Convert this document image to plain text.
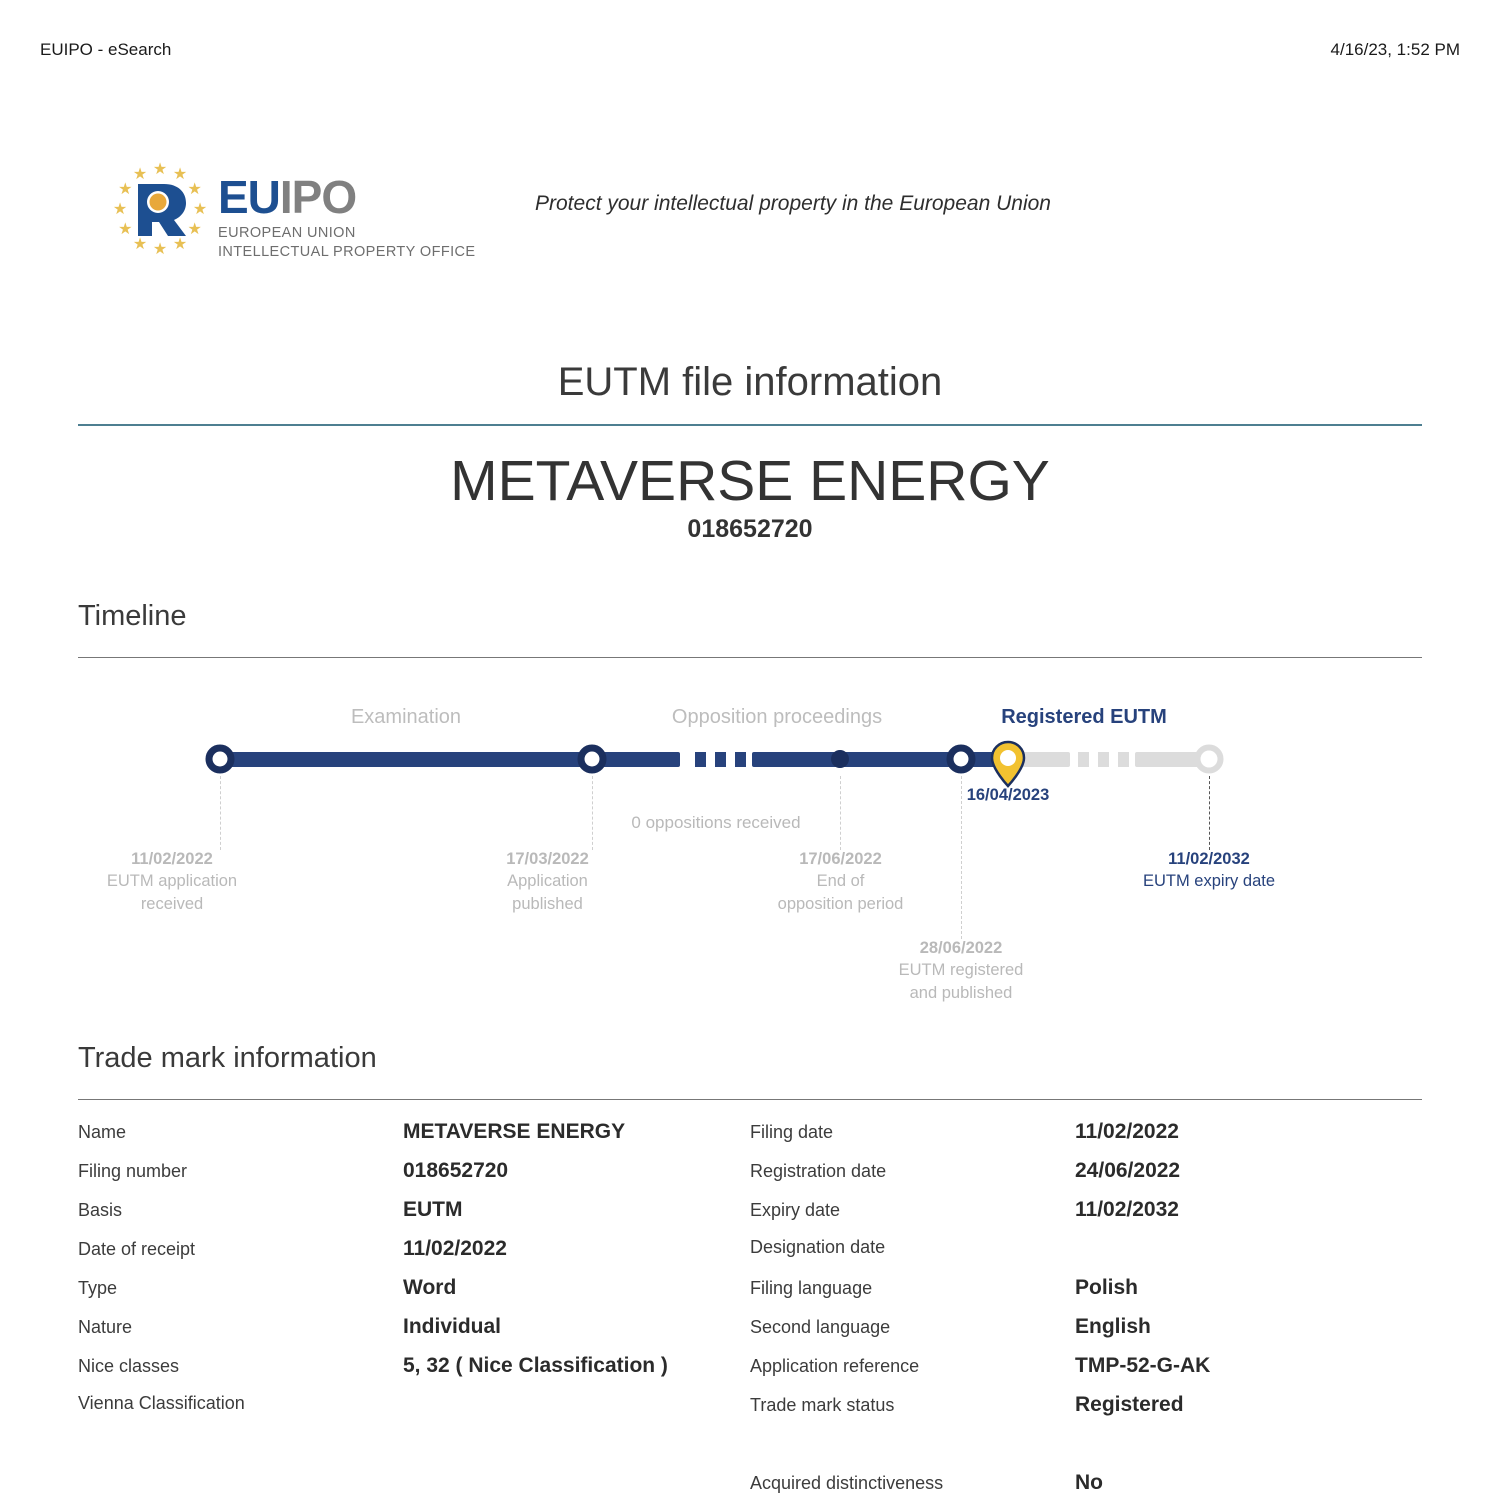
EUIPO - eSearch	4/16/23, 1:52 PM
★ ★
★
★
★
★
★
★
★
★
★
★ EUIPO
EUROPEAN UNION
INTELLECTUAL PROPERTY OFFICE
Protect your intellectual property in the European Union
EUTM file information
METAVERSE ENERGY
018652720
Timeline
16/04/2023
Examination	Opposition proceedings	Registered EUTM
0 oppositions received
11/02/2022
EUTM application
received
17/03/2022
Application
published
17/06/2022
End of
opposition period
28/06/2022
EUTM registered
and published
11/02/2032
EUTM expiry date
Trade mark information
Name	METAVERSE ENERGY
Filing number	018652720
Basis	EUTM
Date of receipt	11/02/2022
Type	Word
Nature	Individual
Nice classes	5, 32 ( Nice Classification )
Vienna Classification
Filing date	11/02/2022
Registration date	24/06/2022
Expiry date	11/02/2032
Designation date
Filing language	Polish
Second language	English
Application reference	TMP-52-G-AK
Trade mark status	Registered
Acquired distinctiveness	No
